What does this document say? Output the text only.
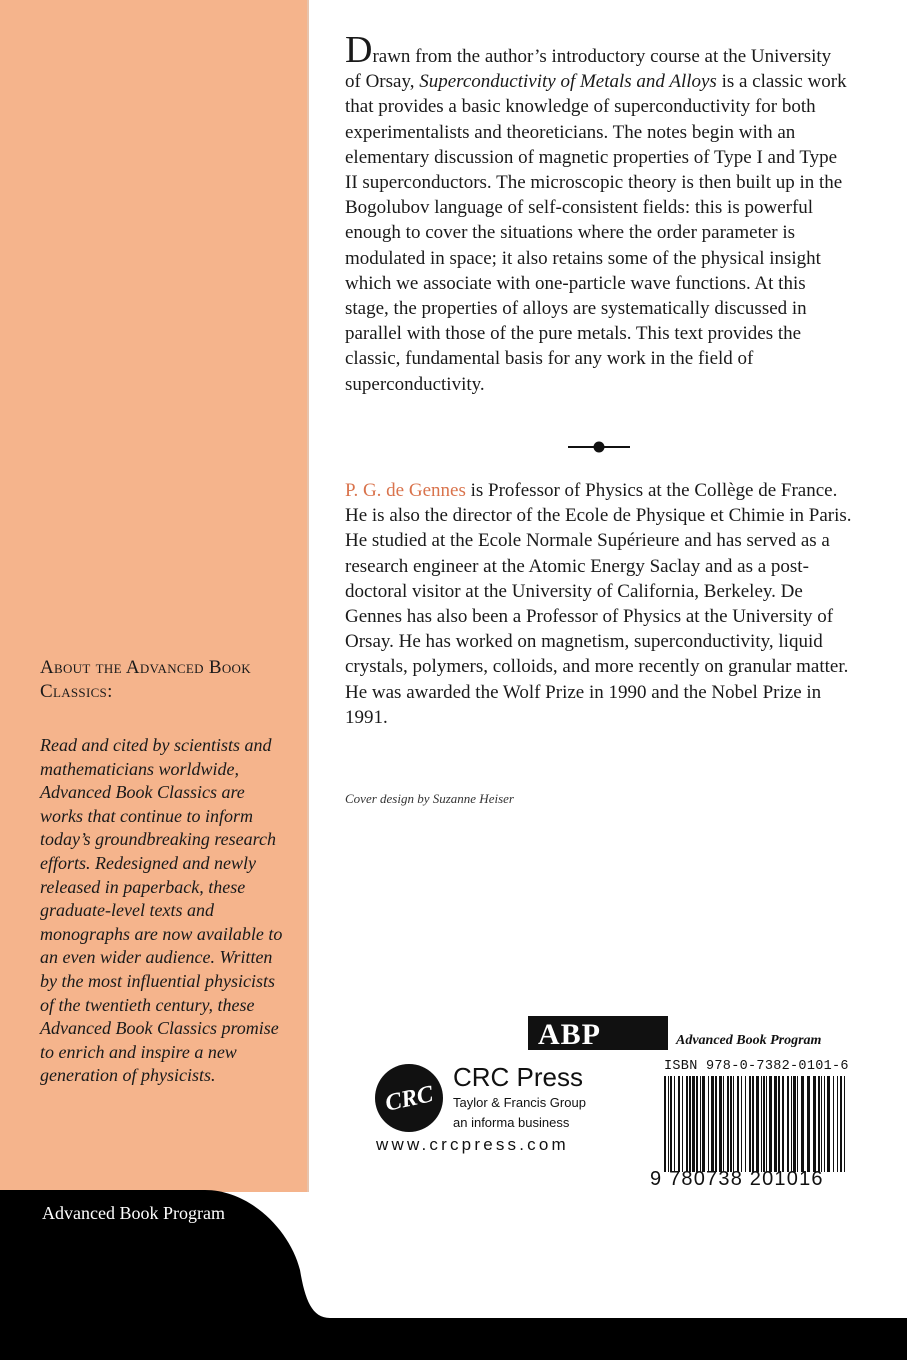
About the Advanced Book Classics:
Read and cited by scientists and mathematicians worldwide, Advanced Book Classics are works that continue to inform today’s groundbreaking research efforts. Redesigned and newly released in paperback, these graduate-level texts and monographs are now available to an even wider audience. Written by the most influential physicists of the twentieth century, these Advanced Book Classics promise to enrich and inspire a new generation of physicists.
Drawn from the author’s introductory course at the University of Orsay, Superconductivity of Metals and Alloys is a classic work that provides a basic knowledge of superconductivity for both experimentalists and theoreticians. The notes begin with an elementary discussion of magnetic properties of Type I and Type II superconductors. The microscopic theory is then built up in the Bogolubov language of self-consistent fields: this is powerful enough to cover the situations where the order parameter is modulated in space; it also retains some of the physical insight which we associate with one-particle wave functions. At this stage, the properties of alloys are systematically discussed in parallel with those of the pure metals. This text provides the classic, fundamental basis for any work in the field of superconductivity.
P. G. de Gennes is Professor of Physics at the Collège de France. He is also the director of the Ecole de Physique et Chimie in Paris. He studied at the Ecole Normale Supérieure and has served as a research engineer at the Atomic Energy Saclay and as a post-doctoral visitor at the University of California, Berkeley. De Gennes has also been a Professor of Physics at the University of Orsay. He has worked on magnetism, superconductivity, liquid crystals, polymers, colloids, and more recently on granular matter. He was awarded the Wolf Prize in 1990 and the Nobel Prize in 1991.
Cover design by Suzanne Heiser
ABP	Advanced Book Program
CRC
CRC Press
Taylor & Francis Group
an informa business
www.crcpress.com
ISBN 978-0-7382-0101-6
9 780738 201016
Advanced Book Program
